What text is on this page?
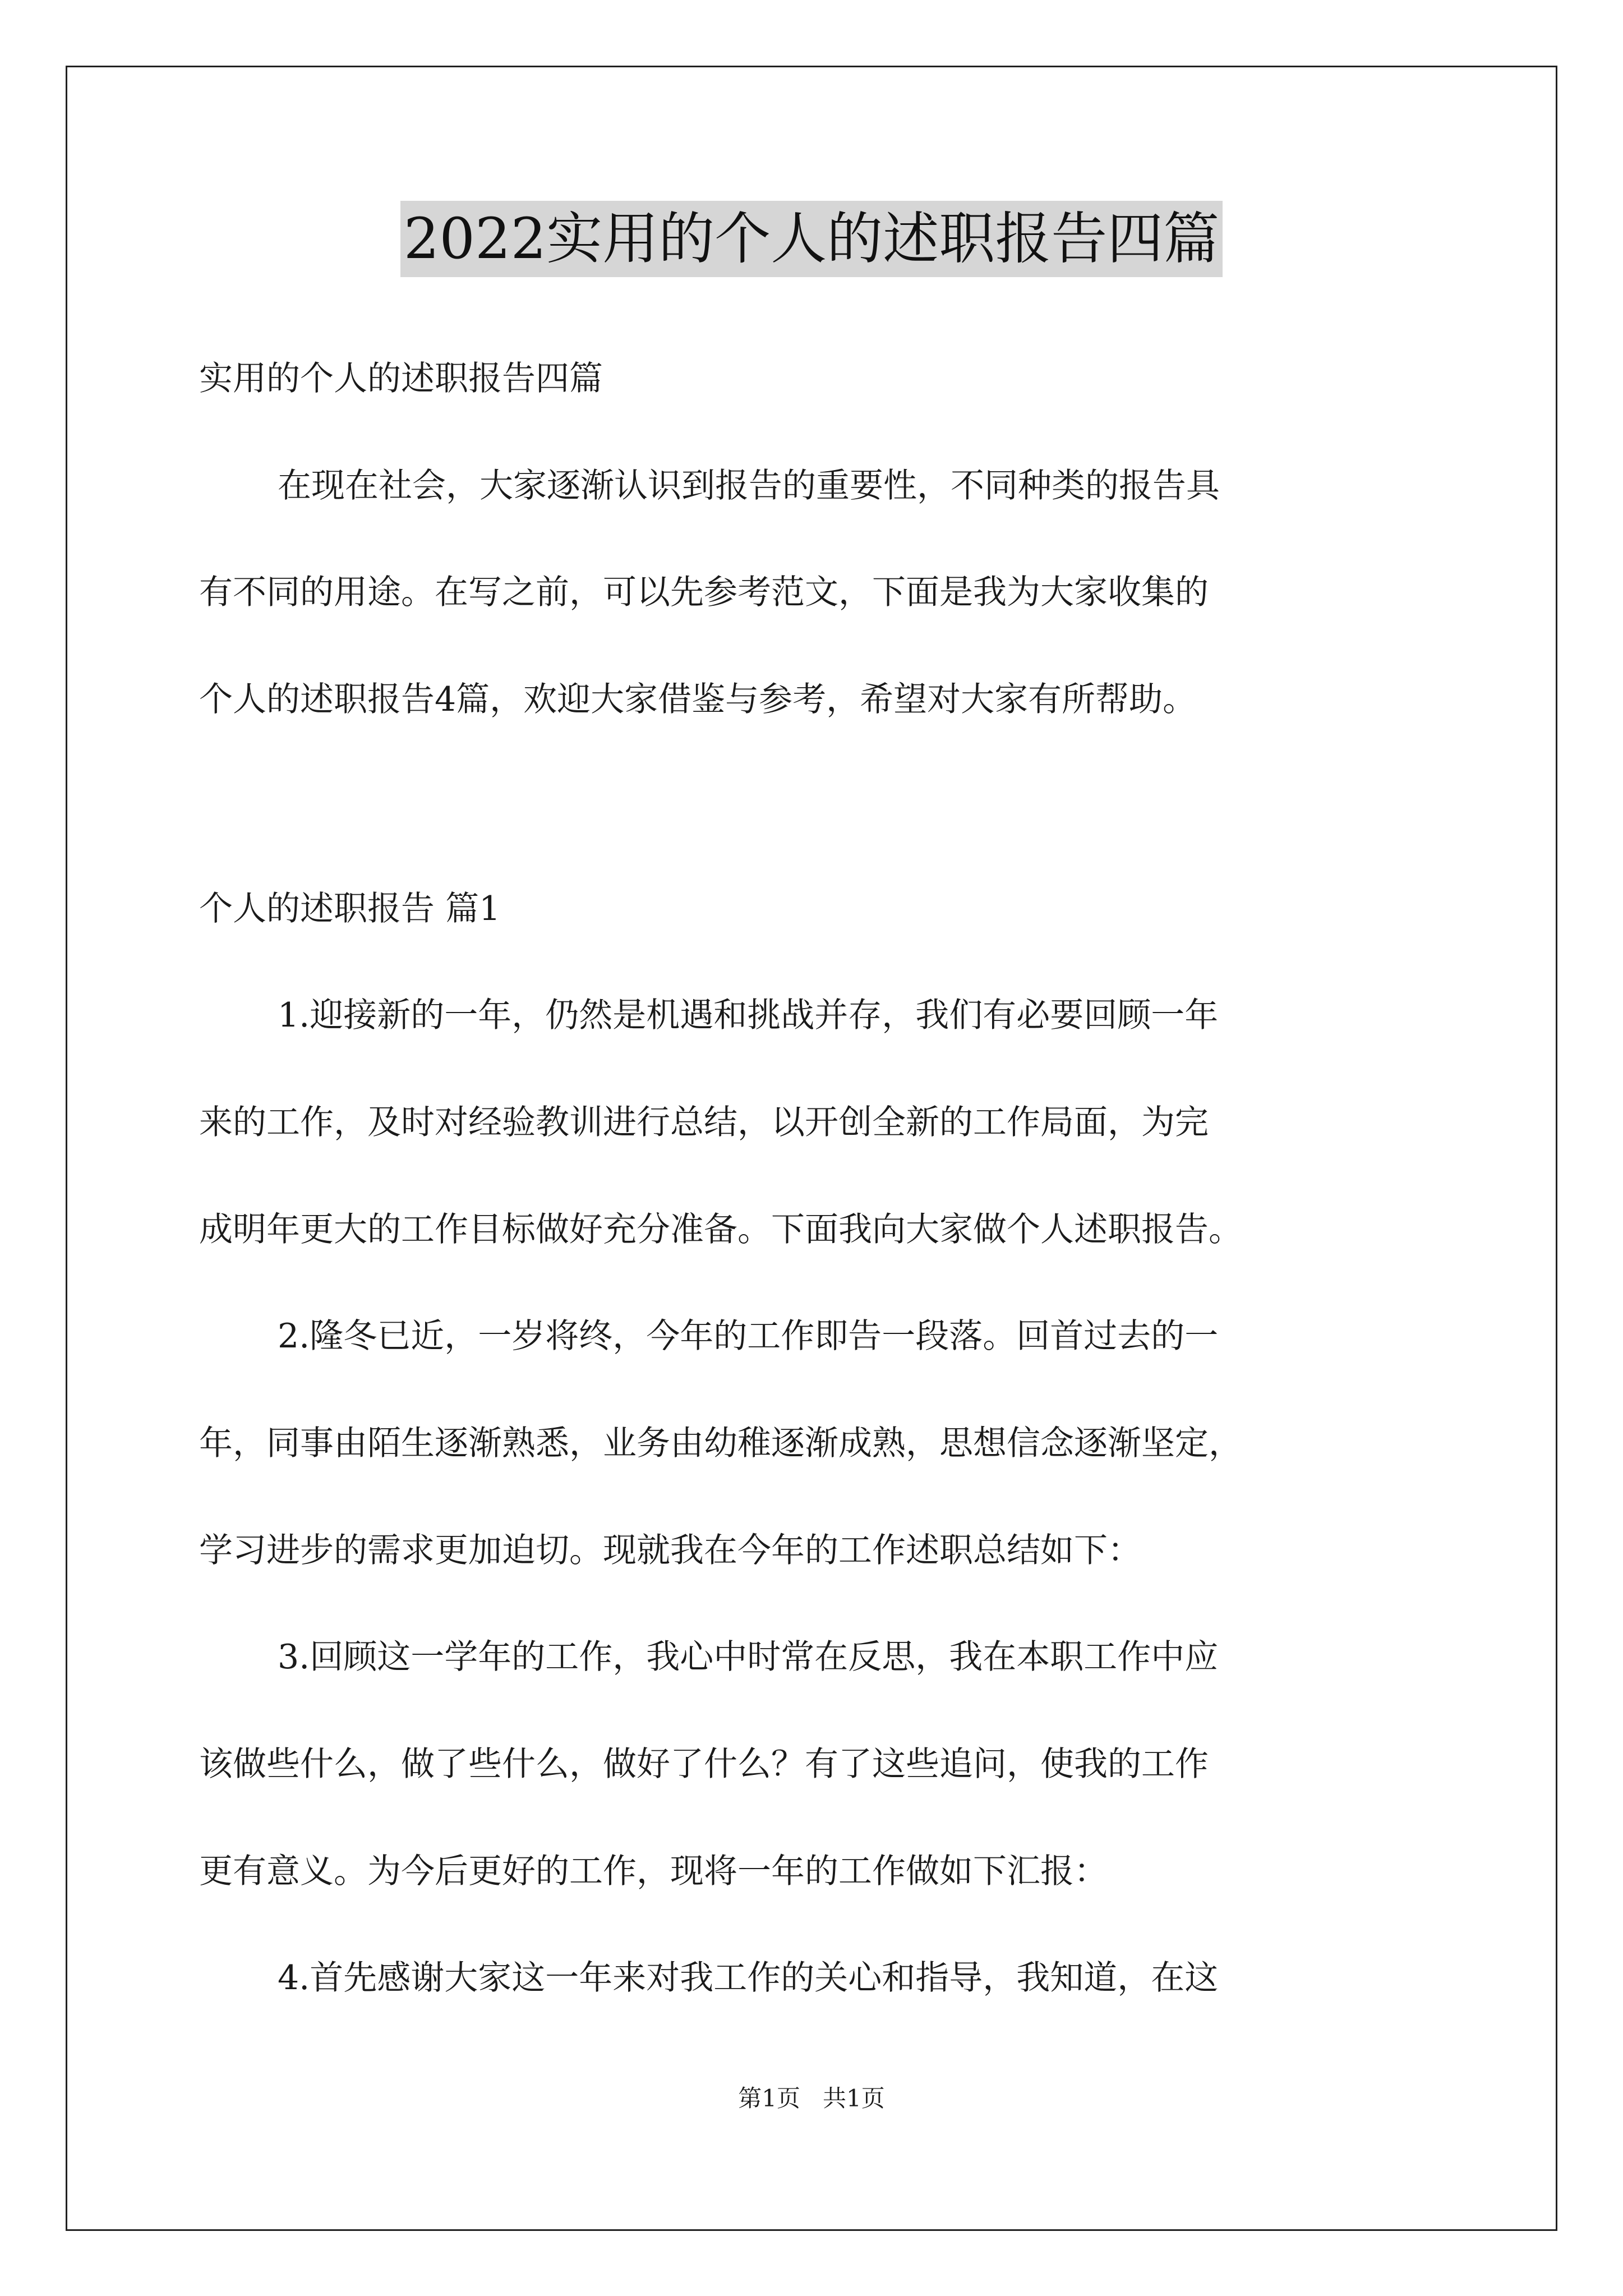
2022实用的个人的述职报告四篇
实用的个人的述职报告四篇
在现在社会，大家逐渐认识到报告的重要性，不同种类的报告具
有不同的用途。在写之前，可以先参考范文，下面是我为大家收集的
个人的述职报告4篇，欢迎大家借鉴与参考，希望对大家有所帮助。
个人的述职报告 篇1
1.迎接新的一年，仍然是机遇和挑战并存，我们有必要回顾一年
来的工作，及时对经验教训进行总结，以开创全新的工作局面，为完
成明年更大的工作目标做好充分准备。下面我向大家做个人述职报告。
2.隆冬已近，一岁将终，今年的工作即告一段落。回首过去的一
年，同事由陌生逐渐熟悉，业务由幼稚逐渐成熟，思想信念逐渐坚定，
学习进步的需求更加迫切。现就我在今年的工作述职总结如下：
3.回顾这一学年的工作，我心中时常在反思，我在本职工作中应
该做些什么，做了些什么，做好了什么？有了这些追问，使我的工作
更有意义。为今后更好的工作，现将一年的工作做如下汇报：
4.首先感谢大家这一年来对我工作的关心和指导，我知道，在这
第1页 共1页
